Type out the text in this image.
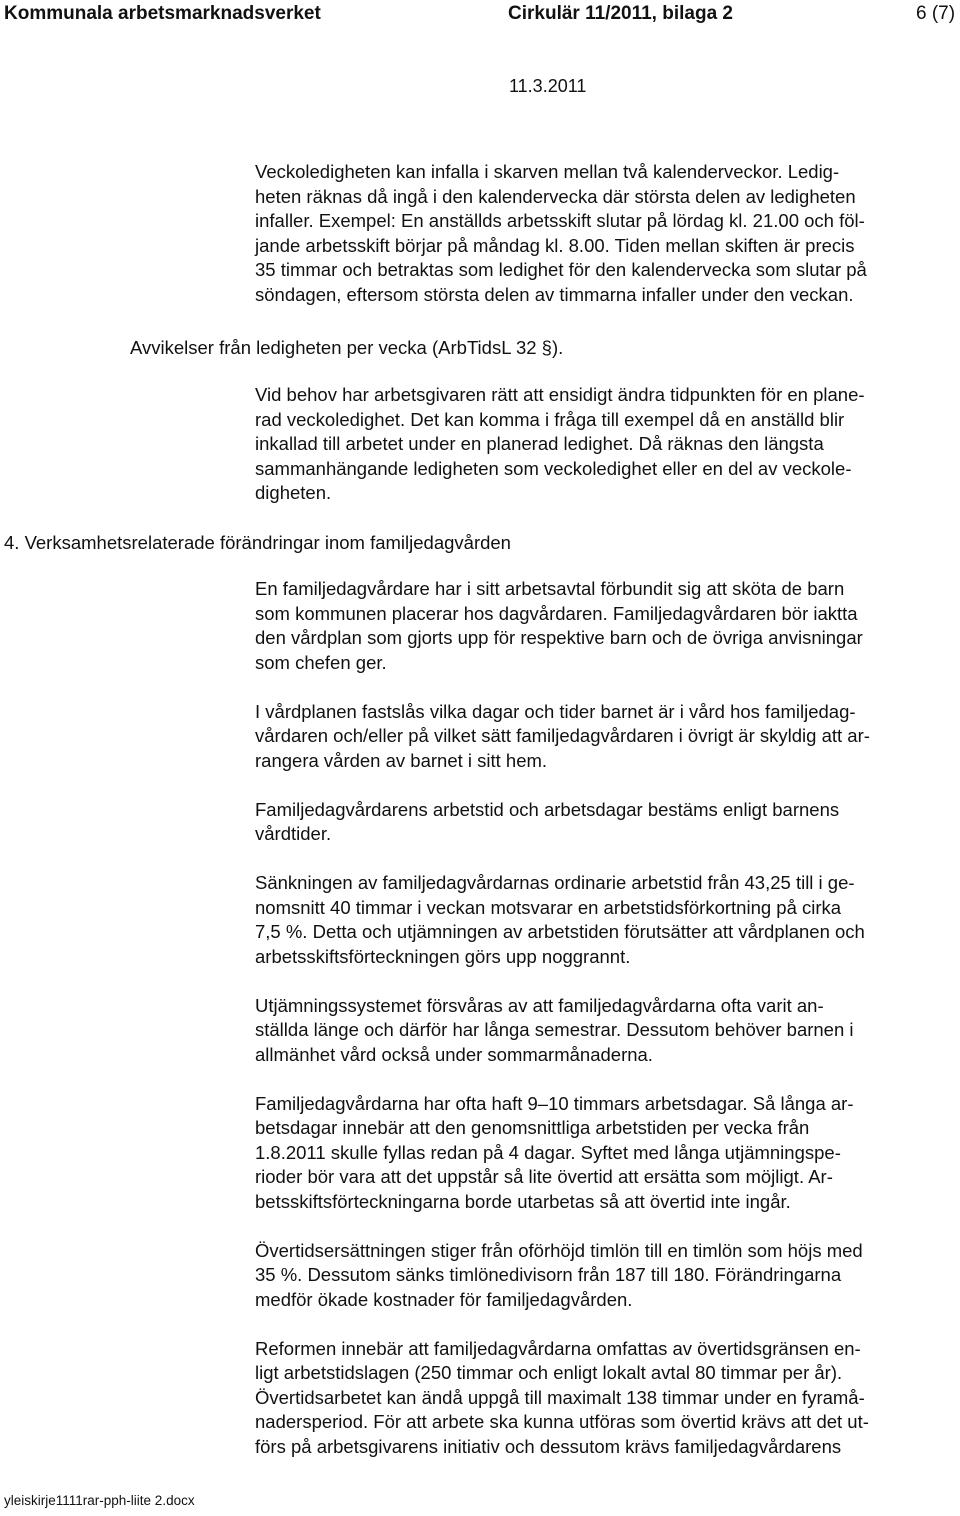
Kommunala arbetsmarknadsverket	Cirkulär 11/2011, bilaga 2	6 (7)
11.3.2011

Veckoledigheten kan infalla i skarven mellan två kalenderveckor. Ledig-

heten räknas då ingå i den kalendervecka där största delen av ledigheten

infaller. Exempel: En anställds arbetsskift slutar på lördag kl. 21.00 och föl-

jande arbetsskift börjar på måndag kl. 8.00. Tiden mellan skiften är precis

35 timmar och betraktas som ledighet för den kalendervecka som slutar på

söndagen, eftersom största delen av timmarna infaller under den veckan.

Avvikelser från ledigheten per vecka (ArbTidsL 32 §).

Vid behov har arbetsgivaren rätt att ensidigt ändra tidpunkten för en plane-

rad veckoledighet. Det kan komma i fråga till exempel då en anställd blir

inkallad till arbetet under en planerad ledighet. Då räknas den längsta

sammanhängande ledigheten som veckoledighet eller en del av veckole-

digheten.

4. Verksamhetsrelaterade förändringar inom familjedagvården

En familjedagvårdare har i sitt arbetsavtal förbundit sig att sköta de barn

som kommunen placerar hos dagvårdaren. Familjedagvårdaren bör iaktta

den vårdplan som gjorts upp för respektive barn och de övriga anvisningar

som chefen ger.

I vårdplanen fastslås vilka dagar och tider barnet är i vård hos familjedag-

vårdaren och/eller på vilket sätt familjedagvårdaren i övrigt är skyldig att ar-

rangera vården av barnet i sitt hem.

Familjedagvårdarens arbetstid och arbetsdagar bestäms enligt barnens

vårdtider.

Sänkningen av familjedagvårdarnas ordinarie arbetstid från 43,25 till i ge-

nomsnitt 40 timmar i veckan motsvarar en arbetstidsförkortning på cirka

7,5 %. Detta och utjämningen av arbetstiden förutsätter att vårdplanen och

arbetsskiftsförteckningen görs upp noggrannt.

Utjämningssystemet försvåras av att familjedagvårdarna ofta varit an-

ställda länge och därför har långa semestrar. Dessutom behöver barnen i

allmänhet vård också under sommarmånaderna.

Familjedagvårdarna har ofta haft 9–10 timmars arbetsdagar. Så långa ar-

betsdagar innebär att den genomsnittliga arbetstiden per vecka från

1.8.2011 skulle fyllas redan på 4 dagar. Syftet med långa utjämningspe-

rioder bör vara att det uppstår så lite övertid att ersätta som möjligt. Ar-

betsskiftsförteckningarna borde utarbetas så att övertid inte ingår.

Övertidsersättningen stiger från oförhöjd timlön till en timlön som höjs med

35 %. Dessutom sänks timlönedivisorn från 187 till 180. Förändringarna

medför ökade kostnader för familjedagvården.

Reformen innebär att familjedagvårdarna omfattas av övertidsgränsen en-

ligt arbetstidslagen (250 timmar och enligt lokalt avtal 80 timmar per år).

Övertidsarbetet kan ändå uppgå till maximalt 138 timmar under en fyramå-

nadersperiod. För att arbete ska kunna utföras som övertid krävs att det ut-

förs på arbetsgivarens initiativ och dessutom krävs familjedagvårdarens

yleiskirje1111rar-pph-liite 2.docx
